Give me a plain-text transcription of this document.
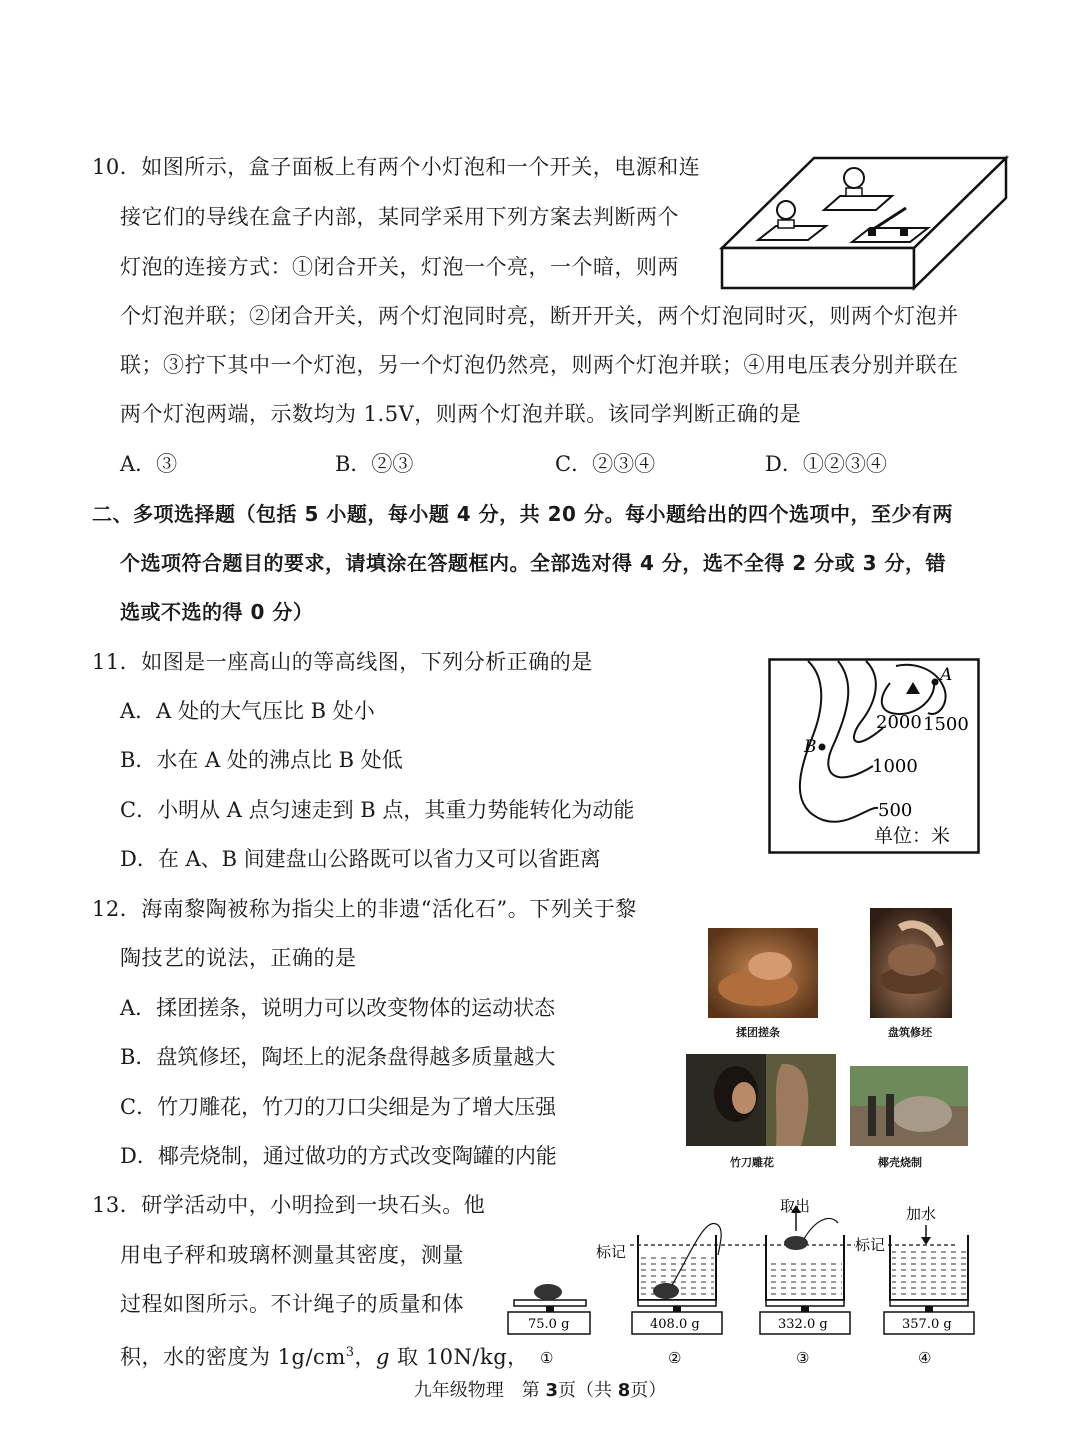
10．如图所示，盒子面板上有两个小灯泡和一个开关，电源和连
接它们的导线在盒子内部，某同学采用下列方案去判断两个
灯泡的连接方式：①闭合开关，灯泡一个亮，一个暗，则两
个灯泡并联；②闭合开关，两个灯泡同时亮，断开开关，两个灯泡同时灭，则两个灯泡并
联；③拧下其中一个灯泡，另一个灯泡仍然亮，则两个灯泡并联；④用电压表分别并联在
两个灯泡两端，示数均为 1.5V，则两个灯泡并联。该同学判断正确的是
A．③	B．②③	C．②③④	D．①②③④
二、多项选择题（包括 5 小题，每小题 4 分，共 20 分。每小题给出的四个选项中，至少有两
个选项符合题目的要求，请填涂在答题框内。全部选对得 4 分，选不全得 2 分或 3 分，错
选或不选的得 0 分）
11．如图是一座高山的等高线图，下列分析正确的是
A．A 处的大气压比 B 处小
B．水在 A 处的沸点比 B 处低
C．小明从 A 点匀速走到 B 点，其重力势能转化为动能
D．在 A、B 间建盘山公路既可以省力又可以省距离
A
B
2000 1500
1000
500
单位：米
12．海南黎陶被称为指尖上的非遗“活化石”。下列关于黎
陶技艺的说法，正确的是
A．揉团搓条，说明力可以改变物体的运动状态
B．盘筑修坯，陶坯上的泥条盘得越多质量越大
C．竹刀雕花，竹刀的刀口尖细是为了增大压强
D．椰壳烧制，通过做功的方式改变陶罐的内能
揉团搓条	盘筑修坯
竹刀雕花	椰壳烧制
13．研学活动中，小明捡到一块石头。他
用电子秤和玻璃杯测量其密度，测量
过程如图所示。不计绳子的质量和体
积，水的密度为 $1g/cm^3$，g 取 10N/kg，
标记	标记
75.0 g
①
408.0 g
②
取出
332.0 g
③
加水
357.0 g
④
九年级物理　第 3页（共 8页）
